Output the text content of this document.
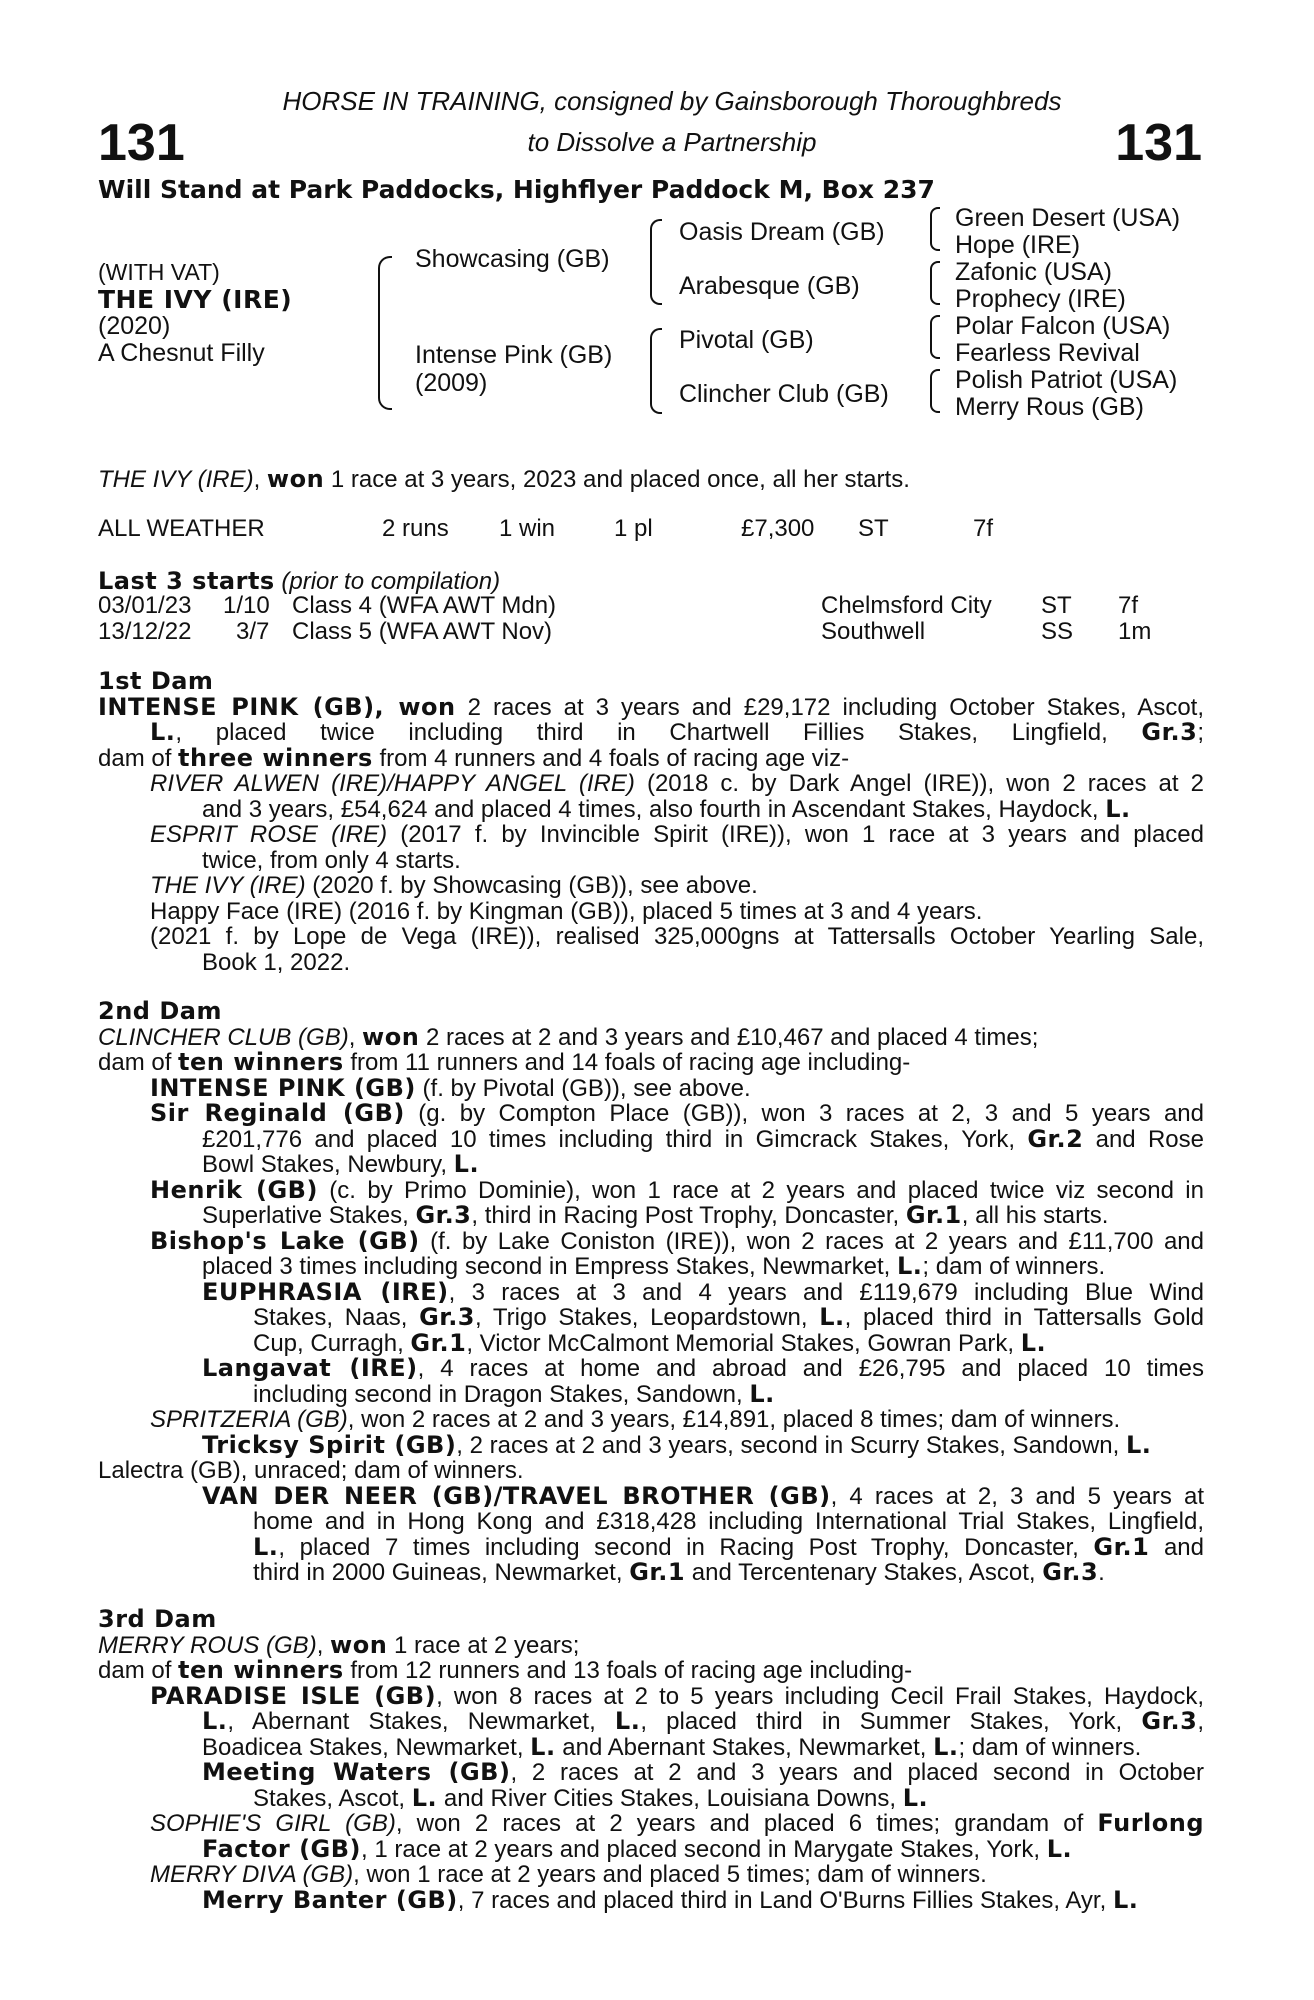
131	131
HORSE IN TRAINING, consigned by Gainsborough Thoroughbreds
to Dissolve a Partnership
Will Stand at Park Paddocks, Highflyer Paddock M, Box 237
(WITH VAT)
THE IVY (IRE)
(2020)
A Chesnut Filly
Showcasing (GB)
Intense Pink (GB)
(2009)
Oasis Dream (GB)
Arabesque (GB)
Pivotal (GB)
Clincher Club (GB)
Green Desert (USA)
Hope (IRE)
Zafonic (USA)
Prophecy (IRE)
Polar Falcon (USA)
Fearless Revival
Polish Patriot (USA)
Merry Rous (GB)
THE IVY (IRE), won 1 race at 3 years, 2023 and placed once, all her starts.
ALL WEATHER	2 runs 1 win 1 pl	£7,300 ST	7f
Last 3 starts (prior to compilation)
03/01/23 1/10 Class 4 (WFA AWT Mdn)	Chelmsford City ST 7f
13/12/22 3/7 Class 5 (WFA AWT Nov)	Southwell	SS 1m
1st Dam
INTENSE PINK (GB), won 2 races at 3 years and £29,172 including October Stakes, Ascot,
L., placed twice including third in Chartwell Fillies Stakes, Lingfield, Gr.3;
dam of three winners from 4 runners and 4 foals of racing age viz-
RIVER ALWEN (IRE)/HAPPY ANGEL (IRE) (2018 c. by Dark Angel (IRE)), won 2 races at 2
and 3 years, £54,624 and placed 4 times, also fourth in Ascendant Stakes, Haydock, L.
ESPRIT ROSE (IRE) (2017 f. by Invincible Spirit (IRE)), won 1 race at 3 years and placed
twice, from only 4 starts.
THE IVY (IRE) (2020 f. by Showcasing (GB)), see above.
Happy Face (IRE) (2016 f. by Kingman (GB)), placed 5 times at 3 and 4 years.
(2021 f. by Lope de Vega (IRE)), realised 325,000gns at Tattersalls October Yearling Sale,
Book 1, 2022.
2nd Dam
CLINCHER CLUB (GB), won 2 races at 2 and 3 years and £10,467 and placed 4 times;
dam of ten winners from 11 runners and 14 foals of racing age including-
INTENSE PINK (GB) (f. by Pivotal (GB)), see above.
Sir Reginald (GB) (g. by Compton Place (GB)), won 3 races at 2, 3 and 5 years and
£201,776 and placed 10 times including third in Gimcrack Stakes, York, Gr.2 and Rose
Bowl Stakes, Newbury, L.
Henrik (GB) (c. by Primo Dominie), won 1 race at 2 years and placed twice viz second in
Superlative Stakes, Gr.3, third in Racing Post Trophy, Doncaster, Gr.1, all his starts.
Bishop's Lake (GB) (f. by Lake Coniston (IRE)), won 2 races at 2 years and £11,700 and
placed 3 times including second in Empress Stakes, Newmarket, L.; dam of winners.
EUPHRASIA (IRE), 3 races at 3 and 4 years and £119,679 including Blue Wind
Stakes, Naas, Gr.3, Trigo Stakes, Leopardstown, L., placed third in Tattersalls Gold
Cup, Curragh, Gr.1, Victor McCalmont Memorial Stakes, Gowran Park, L.
Langavat (IRE), 4 races at home and abroad and £26,795 and placed 10 times
including second in Dragon Stakes, Sandown, L.
SPRITZERIA (GB), won 2 races at 2 and 3 years, £14,891, placed 8 times; dam of winners.
Tricksy Spirit (GB), 2 races at 2 and 3 years, second in Scurry Stakes, Sandown, L.
Lalectra (GB), unraced; dam of winners.
VAN DER NEER (GB)/TRAVEL BROTHER (GB), 4 races at 2, 3 and 5 years at
home and in Hong Kong and £318,428 including International Trial Stakes, Lingfield,
L., placed 7 times including second in Racing Post Trophy, Doncaster, Gr.1 and
third in 2000 Guineas, Newmarket, Gr.1 and Tercentenary Stakes, Ascot, Gr.3.
3rd Dam
MERRY ROUS (GB), won 1 race at 2 years;
dam of ten winners from 12 runners and 13 foals of racing age including-
PARADISE ISLE (GB), won 8 races at 2 to 5 years including Cecil Frail Stakes, Haydock,
L., Abernant Stakes, Newmarket, L., placed third in Summer Stakes, York, Gr.3,
Boadicea Stakes, Newmarket, L. and Abernant Stakes, Newmarket, L.; dam of winners.
Meeting Waters (GB), 2 races at 2 and 3 years and placed second in October
Stakes, Ascot, L. and River Cities Stakes, Louisiana Downs, L.
SOPHIE'S GIRL (GB), won 2 races at 2 years and placed 6 times; grandam of Furlong
Factor (GB), 1 race at 2 years and placed second in Marygate Stakes, York, L.
MERRY DIVA (GB), won 1 race at 2 years and placed 5 times; dam of winners.
Merry Banter (GB), 7 races and placed third in Land O'Burns Fillies Stakes, Ayr, L.
